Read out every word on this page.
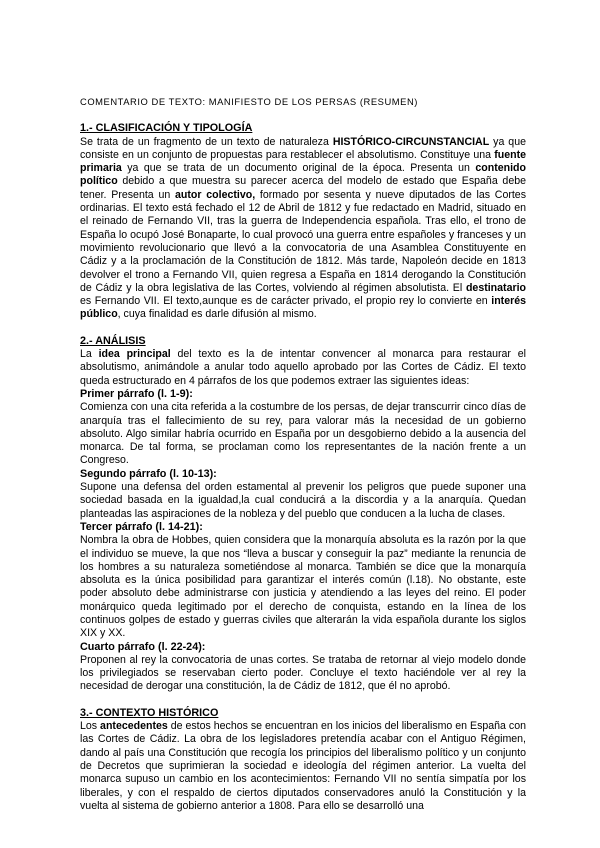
COMENTARIO DE TEXTO: MANIFIESTO DE LOS PERSAS (RESUMEN)
1.- CLASIFICACIÓN Y TIPOLOGÍA

Se trata de un fragmento de un texto de naturaleza HISTÓRICO-CIRCUNSTANCIAL ya que consiste en un conjunto de propuestas para restablecer el absolutismo. Constituye una fuente primaria ya que se trata de un documento original de la época. Presenta un contenido político debido a que muestra su parecer acerca del modelo de estado que España debe tener. Presenta un autor colectivo, formado por sesenta y nueve diputados de las Cortes ordinarias. El texto está fechado el 12 de Abril de 1812 y fue redactado en Madrid, situado en el reinado de Fernando VII, tras la guerra de Independencia española. Tras ello, el trono de España lo ocupó José Bonaparte, lo cual provocó una guerra entre españoles y franceses y un movimiento revolucionario que llevó a la convocatoria de una Asamblea Constituyente en Cádiz y a la proclamación de la Constitución de 1812. Más tarde, Napoleón decide en 1813 devolver el trono a Fernando VII, quien regresa a España en 1814 derogando la Constitución de Cádiz y la obra legislativa de las Cortes, volviendo al régimen absolutista. El destinatario es Fernando VII. El texto,aunque es de carácter privado, el propio rey lo convierte en interés público, cuya finalidad es darle difusión al mismo.

2.- ANÁLISIS

La idea principal del texto es la de intentar convencer al monarca para restaurar el absolutismo, animándole a anular todo aquello aprobado por las Cortes de Cádiz. El texto queda estructurado en 4 párrafos de los que podemos extraer las siguientes ideas:

Primer párrafo (l. 1-9):

Comienza con una cita referida a la costumbre de los persas, de dejar transcurrir cinco días de anarquía tras el fallecimiento de su rey, para valorar más la necesidad de un gobierno absoluto. Algo similar habría ocurrido en España por un desgobierno debido a la ausencia del monarca. De tal forma, se proclaman como los representantes de la nación frente a un Congreso.

Segundo párrafo (l. 10-13):

Supone una defensa del orden estamental al prevenir los peligros que puede suponer una sociedad basada en la igualdad,la cual conducirá a la discordia y a la anarquía. Quedan planteadas las aspiraciones de la nobleza y del pueblo que conducen a la lucha de clases.

Tercer párrafo (l. 14-21):

Nombra la obra de Hobbes, quien considera que la monarquía absoluta es la razón por la que el individuo se mueve, la que nos “lleva a buscar y conseguir la paz” mediante la renuncia de los hombres a su naturaleza sometiéndose al monarca. También se dice que la monarquía absoluta es la única posibilidad para garantizar el interés común (l.18). No obstante, este poder absoluto debe administrarse con justicia y atendiendo a las leyes del reino. El poder monárquico queda legitimado por el derecho de conquista, estando en la línea de los continuos golpes de estado y guerras civiles que alterarán la vida española durante los siglos XIX y XX.

Cuarto párrafo (l. 22-24):

Proponen al rey la convocatoria de unas cortes. Se trataba de retornar al viejo modelo donde los privilegiados se reservaban cierto poder. Concluye el texto haciéndole ver al rey la necesidad de derogar una constitución, la de Cádiz de 1812, que él no aprobó.

3.- CONTEXTO HISTÓRICO

Los antecedentes de estos hechos se encuentran en los inicios del liberalismo en España con las Cortes de Cádiz. La obra de los legisladores pretendía acabar con el Antiguo Régimen, dando al país una Constitución que recogía los principios del liberalismo político y un conjunto de Decretos que suprimieran la sociedad e ideología del régimen anterior. La vuelta del monarca supuso un cambio en los acontecimientos: Fernando VII no sentía simpatía por los liberales, y con el respaldo de ciertos diputados conservadores anuló la Constitución y la vuelta al sistema de gobierno anterior a 1808. Para ello se desarrolló una
